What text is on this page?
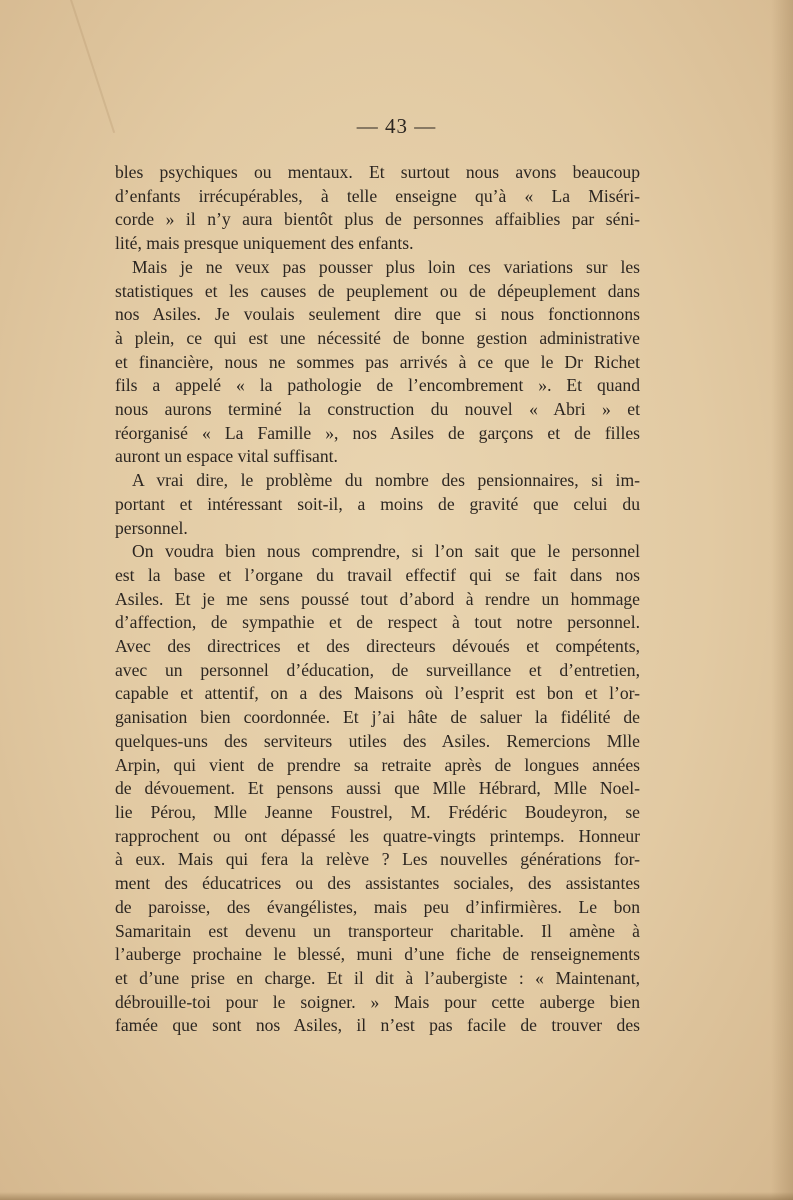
— 43 —
bles psychiques ou mentaux. Et surtout nous avons beaucoup
d’enfants irrécupérables, à telle enseigne qu’à « La Miséri-
corde » il n’y aura bientôt plus de personnes affaiblies par séni-
lité, mais presque uniquement des enfants.
Mais je ne veux pas pousser plus loin ces variations sur les
statistiques et les causes de peuplement ou de dépeuplement dans
nos Asiles. Je voulais seulement dire que si nous fonctionnons
à plein, ce qui est une nécessité de bonne gestion administrative
et financière, nous ne sommes pas arrivés à ce que le Dr Richet
fils a appelé « la pathologie de l’encombrement ». Et quand
nous aurons terminé la construction du nouvel « Abri » et
réorganisé « La Famille », nos Asiles de garçons et de filles
auront un espace vital suffisant.
A vrai dire, le problème du nombre des pensionnaires, si im-
portant et intéressant soit-il, a moins de gravité que celui du
personnel.
On voudra bien nous comprendre, si l’on sait que le personnel
est la base et l’organe du travail effectif qui se fait dans nos
Asiles. Et je me sens poussé tout d’abord à rendre un hommage
d’affection, de sympathie et de respect à tout notre personnel.
Avec des directrices et des directeurs dévoués et compétents,
avec un personnel d’éducation, de surveillance et d’entretien,
capable et attentif, on a des Maisons où l’esprit est bon et l’or-
ganisation bien coordonnée. Et j’ai hâte de saluer la fidélité de
quelques-uns des serviteurs utiles des Asiles. Remercions Mlle
Arpin, qui vient de prendre sa retraite après de longues années
de dévouement. Et pensons aussi que Mlle Hébrard, Mlle Noel-
lie Pérou, Mlle Jeanne Foustrel, M. Frédéric Boudeyron, se
rapprochent ou ont dépassé les quatre-vingts printemps. Honneur
à eux. Mais qui fera la relève ? Les nouvelles générations for-
ment des éducatrices ou des assistantes sociales, des assistantes
de paroisse, des évangélistes, mais peu d’infirmières. Le bon
Samaritain est devenu un transporteur charitable. Il amène à
l’auberge prochaine le blessé, muni d’une fiche de renseignements
et d’une prise en charge. Et il dit à l’aubergiste : « Maintenant,
débrouille-toi pour le soigner. » Mais pour cette auberge bien
famée que sont nos Asiles, il n’est pas facile de trouver des
